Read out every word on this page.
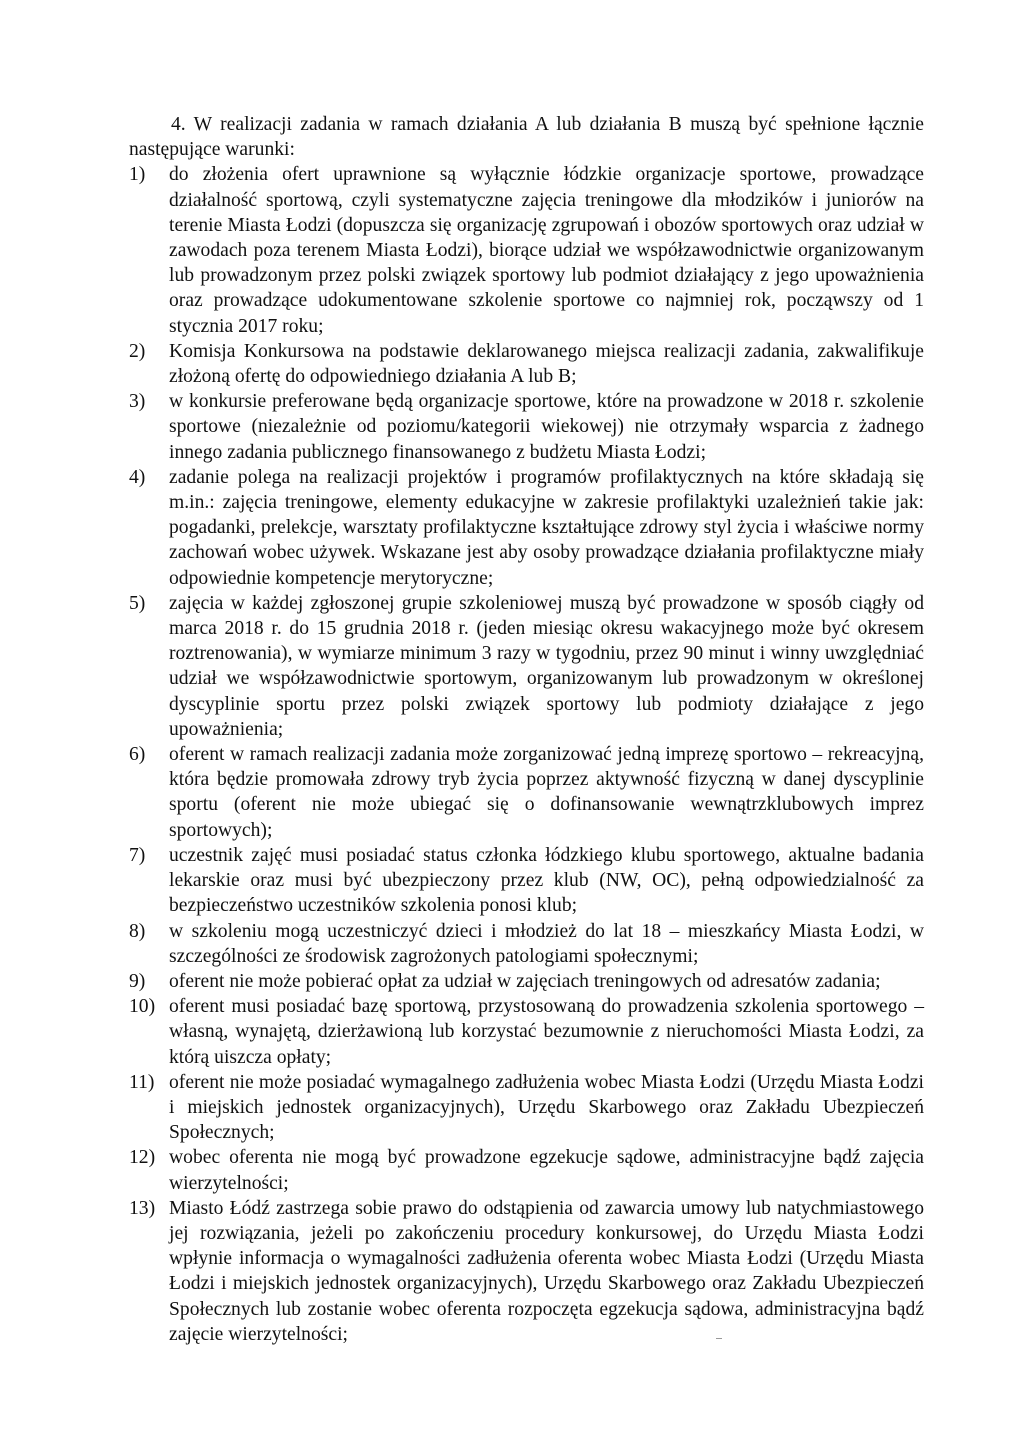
4. W realizacji zadania w ramach działania A lub działania B muszą być spełnione łącznie następujące warunki:

1)	do złożenia ofert uprawnione są wyłącznie łódzkie organizacje sportowe, prowadzące działalność sportową, czyli systematyczne zajęcia treningowe dla młodzików i juniorów na terenie Miasta Łodzi (dopuszcza się organizację zgrupowań i obozów sportowych oraz udział w zawodach poza terenem Miasta Łodzi), biorące udział we współzawodnictwie organizowanym lub prowadzonym przez polski związek sportowy lub podmiot działający z jego upoważnienia oraz prowadzące udokumentowane szkolenie sportowe co najmniej rok, począwszy od 1 stycznia 2017 roku;
2)	Komisja Konkursowa na podstawie deklarowanego miejsca realizacji zadania, zakwalifikuje złożoną ofertę do odpowiedniego działania A lub B;
3)	w konkursie preferowane będą organizacje sportowe, które na prowadzone w 2018 r. szkolenie sportowe (niezależnie od poziomu/kategorii wiekowej) nie otrzymały wsparcia z żadnego innego zadania publicznego finansowanego z budżetu Miasta Łodzi;
4)	zadanie polega na realizacji projektów i programów profilaktycznych na które składają się m.in.: zajęcia treningowe, elementy edukacyjne w zakresie profilaktyki uzależnień takie jak: pogadanki, prelekcje, warsztaty profilaktyczne kształtujące zdrowy styl życia i właściwe normy zachowań wobec używek. Wskazane jest aby osoby prowadzące działania profilaktyczne miały odpowiednie kompetencje merytoryczne;
5)	zajęcia w każdej zgłoszonej grupie szkoleniowej muszą być prowadzone w sposób ciągły od marca 2018 r. do 15 grudnia 2018 r. (jeden miesiąc okresu wakacyjnego może być okresem roztrenowania), w wymiarze minimum 3 razy w tygodniu, przez 90 minut i winny uwzględniać udział we współzawodnictwie sportowym, organizowanym lub prowadzonym w określonej dyscyplinie sportu przez polski związek sportowy lub podmioty działające z jego upoważnienia;
6)	oferent w ramach realizacji zadania może zorganizować jedną imprezę sportowo – rekreacyjną, która będzie promowała zdrowy tryb życia poprzez aktywność fizyczną w danej dyscyplinie sportu (oferent nie może ubiegać się o dofinansowanie wewnątrzklubowych imprez sportowych);
7)	uczestnik zajęć musi posiadać status członka łódzkiego klubu sportowego, aktualne badania lekarskie oraz musi być ubezpieczony przez klub (NW, OC), pełną odpowiedzialność za bezpieczeństwo uczestników szkolenia ponosi klub;
8)	w szkoleniu mogą uczestniczyć dzieci i młodzież do lat 18 – mieszkańcy Miasta Łodzi, w szczególności ze środowisk zagrożonych patologiami społecznymi;
9)	oferent nie może pobierać opłat za udział w zajęciach treningowych od adresatów zadania;
10) oferent musi posiadać bazę sportową, przystosowaną do prowadzenia szkolenia sportowego – własną, wynajętą, dzierżawioną lub korzystać bezumownie z nieruchomości Miasta Łodzi, za którą uiszcza opłaty;
11) oferent nie może posiadać wymagalnego zadłużenia wobec Miasta Łodzi (Urzędu Miasta Łodzi i miejskich jednostek organizacyjnych), Urzędu Skarbowego oraz Zakładu Ubezpieczeń Społecznych;
12) wobec oferenta nie mogą być prowadzone egzekucje sądowe, administracyjne bądź zajęcia wierzytelności;
13) Miasto Łódź zastrzega sobie prawo do odstąpienia od zawarcia umowy lub natychmiastowego jej rozwiązania, jeżeli po zakończeniu procedury konkursowej, do Urzędu Miasta Łodzi wpłynie informacja o wymagalności zadłużenia oferenta wobec Miasta Łodzi (Urzędu Miasta Łodzi i miejskich jednostek organizacyjnych), Urzędu Skarbowego oraz Zakładu Ubezpieczeń Społecznych lub zostanie wobec oferenta rozpoczęta egzekucja sądowa, administracyjna bądź zajęcie wierzytelności;
